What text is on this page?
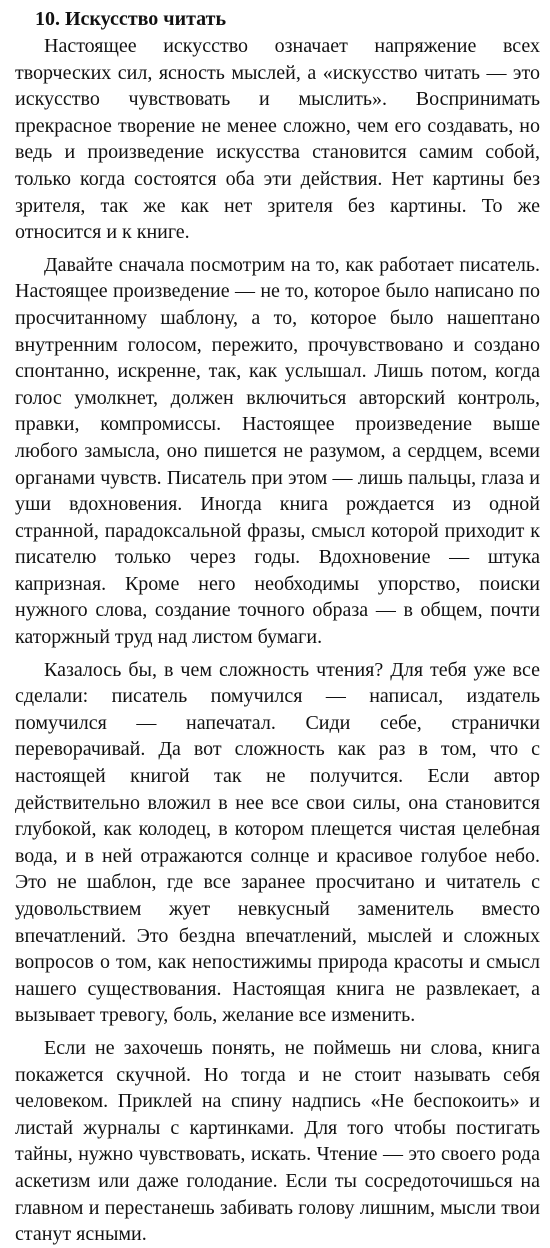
10. Искусство читать

Настоящее искусство означает напряжение всех творческих сил, ясность мыслей, а «искусство читать — это искусство чувствовать и мыслить». Воспринимать прекрасное творение не менее сложно, чем его создавать, но ведь и произведение искусства становится самим собой, только когда состоятся оба эти действия. Нет картины без зрителя, так же как нет зрителя без картины. То же относится и к книге.

Давайте сначала посмотрим на то, как работает писатель. Настоящее произведение — не то, которое было написано по просчитанному шаблону, а то, которое было нашептано внутренним голосом, пережито, прочувствовано и создано спонтанно, искренне, так, как услышал. Лишь потом, когда голос умолкнет, должен включиться авторский контроль, правки, компромиссы. Настоящее произведение выше любого замысла, оно пишется не разумом, а сердцем, всеми органами чувств. Писатель при этом — лишь пальцы, глаза и уши вдохновения. Иногда книга рождается из одной странной, парадоксальной фразы, смысл которой приходит к писателю только через годы. Вдохновение — штука капризная. Кроме него необходимы упорство, поиски нужного слова, создание точного образа — в общем, почти каторжный труд над листом бумаги.

Казалось бы, в чем сложность чтения? Для тебя уже все сделали: писатель помучился — написал, издатель помучился — напечатал. Сиди себе, странички переворачивай. Да вот сложность как раз в том, что с настоящей книгой так не получится. Если автор действительно вложил в нее все свои силы, она становится глубокой, как колодец, в котором плещется чистая целебная вода, и в ней отражаются солнце и красивое голубое небо. Это не шаблон, где все заранее просчитано и читатель с удовольствием жует невкусный заменитель вместо впечатлений. Это бездна впечатлений, мыслей и сложных вопросов о том, как непостижимы природа красоты и смысл нашего существования. Настоящая книга не развлекает, а вызывает тревогу, боль, желание все изменить.

Если не захочешь понять, не поймешь ни слова, книга покажется скучной. Но тогда и не стоит называть себя человеком. Приклей на спину надпись «Не беспокоить» и листай журналы с картинками. Для того чтобы постигать тайны, нужно чувствовать, искать. Чтение — это своего рода аскетизм или даже голодание. Если ты сосредоточишься на главном и перестанешь забивать голову лишним, мысли твои станут ясными.
